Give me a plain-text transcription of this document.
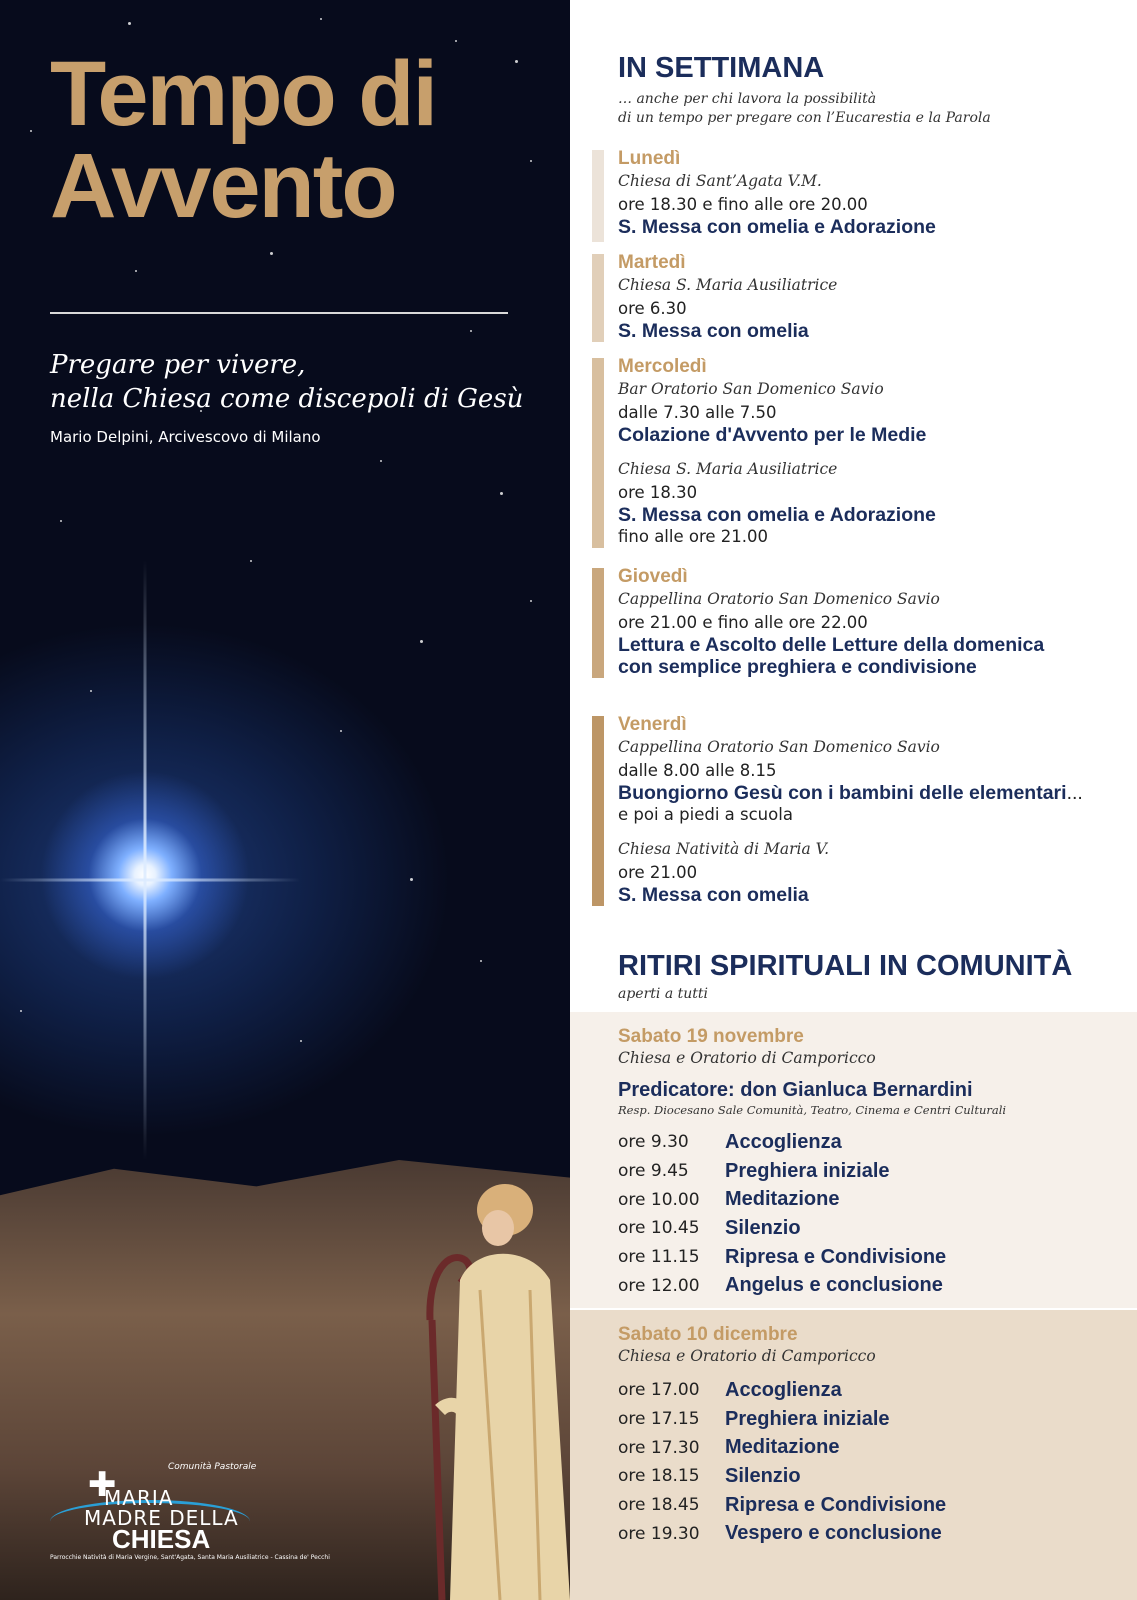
Tempo di
Avvento
Pregare per vivere,
nella Chiesa come discepoli di Gesù
Mario Delpini, Arcivescovo di Milano
✚	Comunità Pastorale
MARIA
MADRE DELLA
CHIESA
Parrocchie Natività di Maria Vergine, Sant'Agata, Santa Maria Ausiliatrice - Cassina de' Pecchi
IN SETTIMANA
… anche per chi lavora la possibilità
di un tempo per pregare con l’Eucarestia e la Parola
Lunedì
Chiesa di Sant’Agata V.M.
ore 18.30 e fino alle ore 20.00
S. Messa con omelia e Adorazione
Martedì
Chiesa S. Maria Ausiliatrice
ore 6.30
S. Messa con omelia
Mercoledì
Bar Oratorio San Domenico Savio
dalle 7.30 alle 7.50
Colazione d'Avvento per le Medie
Chiesa S. Maria Ausiliatrice
ore 18.30
S. Messa con omelia e Adorazione
fino alle ore 21.00
Giovedì
Cappellina Oratorio San Domenico Savio
ore 21.00 e fino alle ore 22.00
Lettura e Ascolto delle Letture della domenica
con semplice preghiera e condivisione
Venerdì
Cappellina Oratorio San Domenico Savio
dalle 8.00 alle 8.15
Buongiorno Gesù con i bambini delle elementari...
e poi a piedi a scuola
Chiesa Natività di Maria V.
ore 21.00
S. Messa con omelia
RITIRI SPIRITUALI IN COMUNITÀ
aperti a tutti
Sabato 19 novembre
Chiesa e Oratorio di Camporicco
Predicatore: don Gianluca Bernardini
Resp. Diocesano Sale Comunità, Teatro, Cinema e Centri Culturali
ore 9.30	Accoglienza
ore 9.45	Preghiera iniziale
ore 10.00	Meditazione
ore 10.45	Silenzio
ore 11.15	Ripresa e Condivisione
ore 12.00	Angelus e conclusione
Sabato 10 dicembre
Chiesa e Oratorio di Camporicco
ore 17.00	Accoglienza
ore 17.15	Preghiera iniziale
ore 17.30	Meditazione
ore 18.15	Silenzio
ore 18.45	Ripresa e Condivisione
ore 19.30	Vespero e conclusione
